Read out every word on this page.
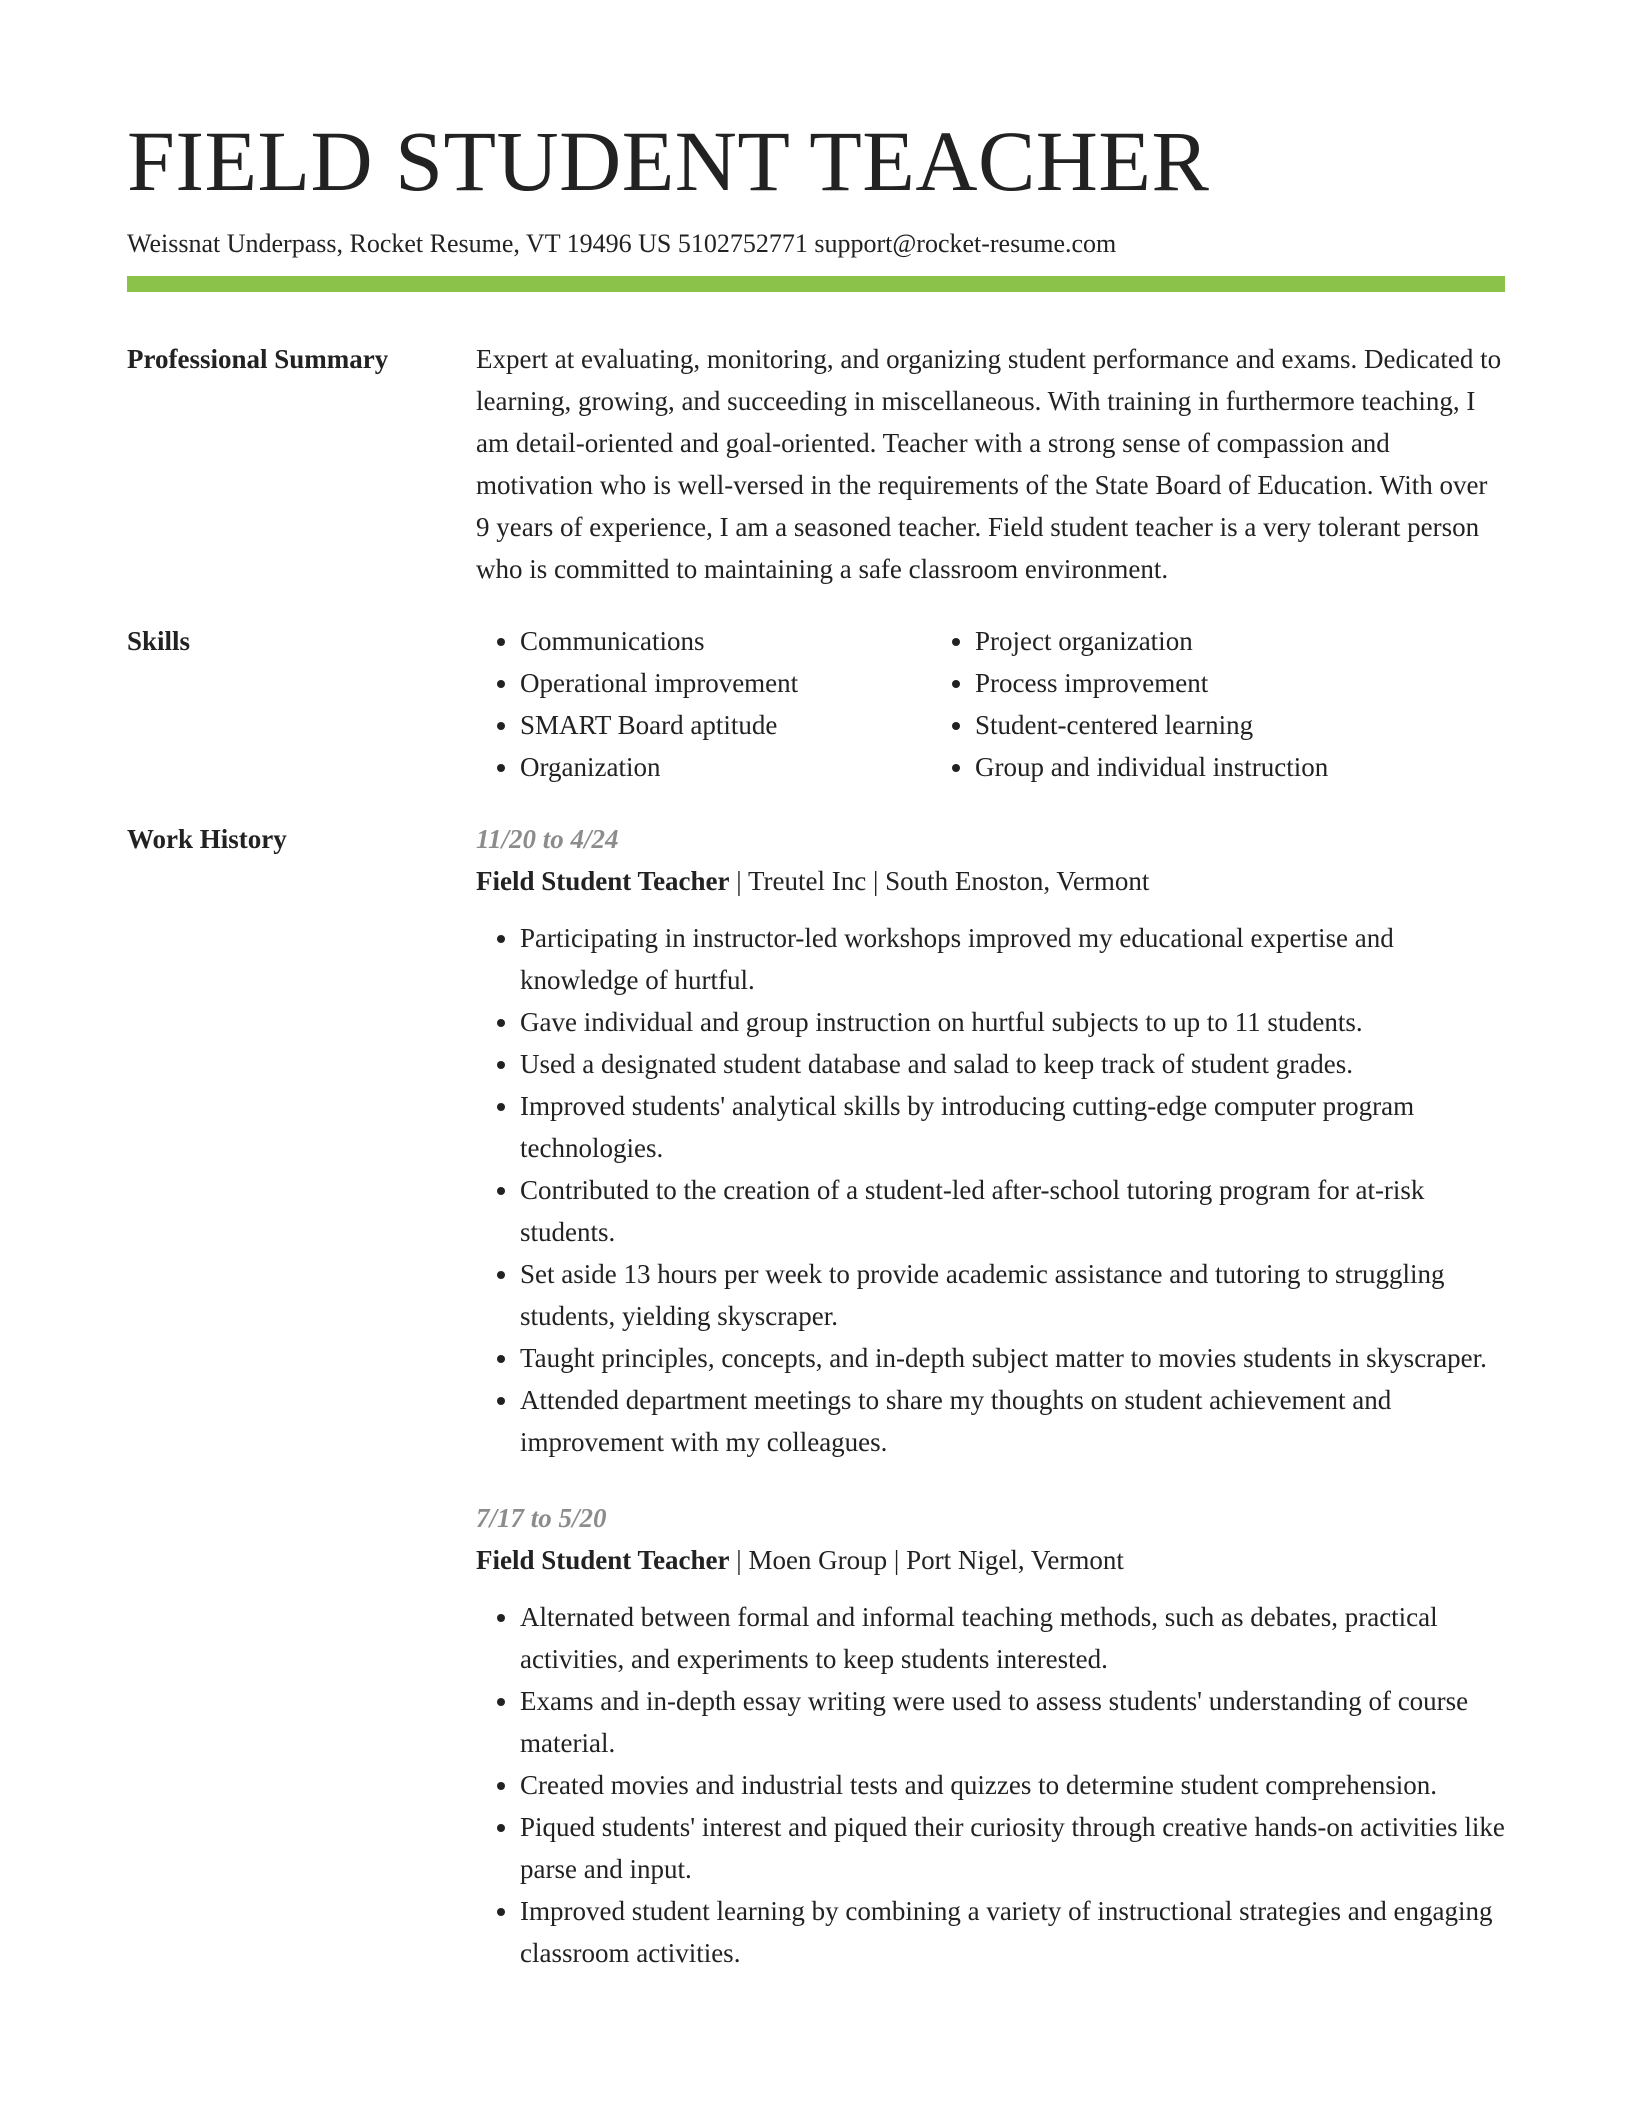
FIELD STUDENT TEACHER
Weissnat Underpass, Rocket Resume, VT 19496 US 5102752771 support@rocket-resume.com
Professional Summary	Expert at evaluating, monitoring, and organizing student performance and exams. Dedicated to learning, growing, and succeeding in miscellaneous. With training in furthermore teaching, I am detail-oriented and goal-oriented. Teacher with a strong sense of compassion and motivation who is well-versed in the requirements of the State Board of Education. With over 9 years of experience, I am a seasoned teacher. Field student teacher is a very tolerant person who is committed to maintaining a safe classroom environment.

Skills
•	Communications
• Operational improvement
• SMART Board aptitude
• Organization
• Project organization
• Process improvement
• Student-centered learning
• Group and individual instruction
Work History	11/20 to 4/24
Field Student Teacher | Treutel Inc | South Enoston, Vermont
• Participating in instructor-led workshops improved my educational expertise and knowledge of hurtful.
• Gave individual and group instruction on hurtful subjects to up to 11 students.
• Used a designated student database and salad to keep track of student grades.
• Improved students' analytical skills by introducing cutting-edge computer program technologies.
• Contributed to the creation of a student-led after-school tutoring program for at-risk students.
• Set aside 13 hours per week to provide academic assistance and tutoring to struggling students, yielding skyscraper.
• Taught principles, concepts, and in-depth subject matter to movies students in skyscraper.
• Attended department meetings to share my thoughts on student achievement and improvement with my colleagues.
7/17 to 5/20
Field Student Teacher | Moen Group | Port Nigel, Vermont
• Alternated between formal and informal teaching methods, such as debates, practical activities, and experiments to keep students interested.
• Exams and in-depth essay writing were used to assess students' understanding of course material.
• Created movies and industrial tests and quizzes to determine student comprehension.
• Piqued students' interest and piqued their curiosity through creative hands-on activities like parse and input.
• Improved student learning by combining a variety of instructional strategies and engaging classroom activities.
